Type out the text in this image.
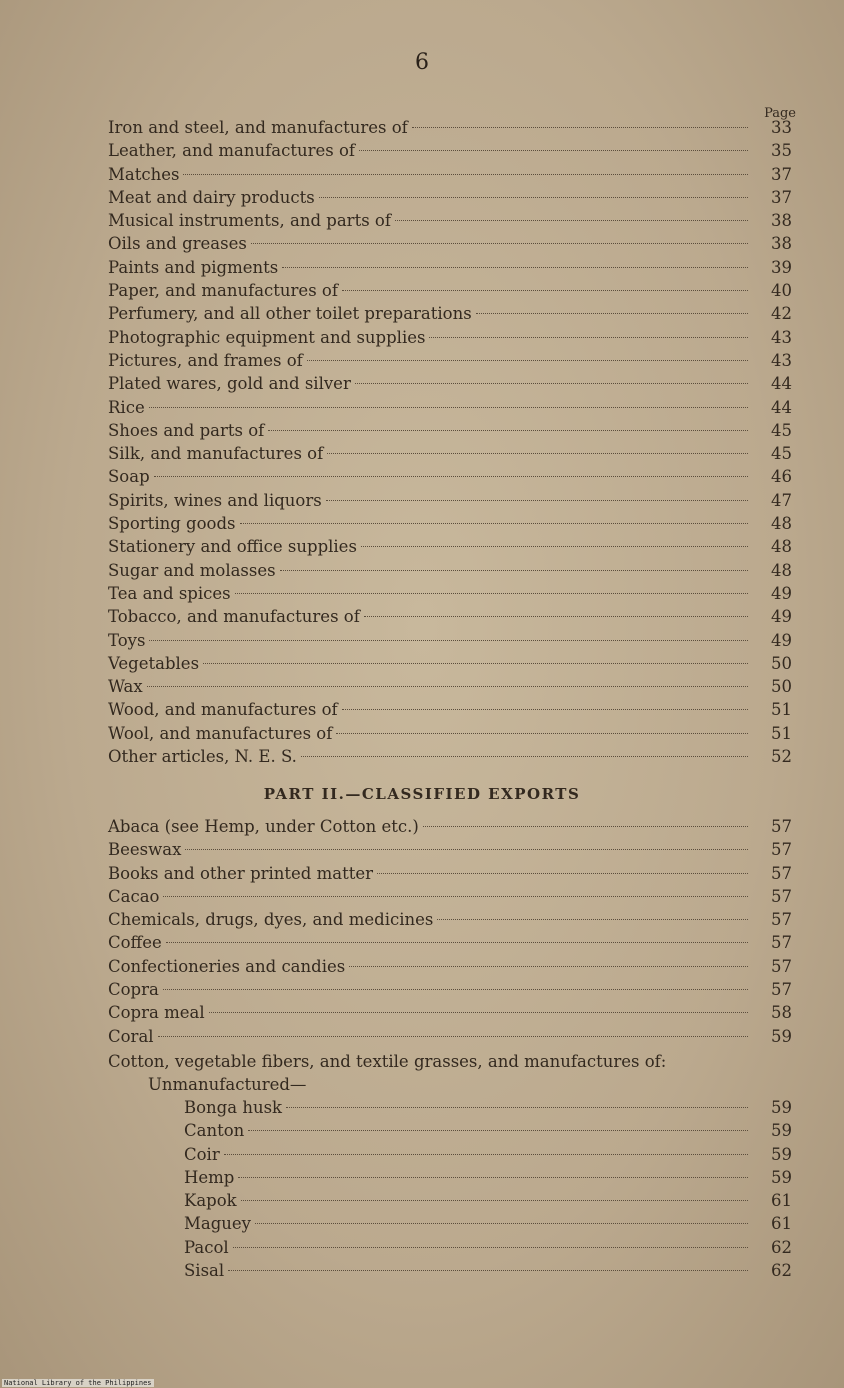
6
Page
Iron and steel, and manufactures of	33
Leather, and manufactures of	35
Matches	37
Meat and dairy products	37
Musical instruments, and parts of	38
Oils and greases	38
Paints and pigments	39
Paper, and manufactures of	40
Perfumery, and all other toilet preparations	42
Photographic equipment and supplies	43
Pictures, and frames of	43
Plated wares, gold and silver	44
Rice	44
Shoes and parts of	45
Silk, and manufactures of	45
Soap	46
Spirits, wines and liquors	47
Sporting goods	48
Stationery and office supplies	48
Sugar and molasses	48
Tea and spices	49
Tobacco, and manufactures of	49
Toys	49
Vegetables	50
Wax	50
Wood, and manufactures of	51
Wool, and manufactures of	51
Other articles, N. E. S.	52
PART II.—CLASSIFIED EXPORTS
Abaca (see Hemp, under Cotton etc.)	57
Beeswax	57
Books and other printed matter	57
Cacao	57
Chemicals, drugs, dyes, and medicines	57
Coffee	57
Confectioneries and candies	57
Copra	57
Copra meal	58
Coral	59
Cotton, vegetable fibers, and textile grasses, and manufactures of:
Unmanufactured—
Bonga husk	59
Canton	59
Coir	59
Hemp	59
Kapok	61
Maguey	61
Pacol	62
Sisal	62
National Library of the Philippines
